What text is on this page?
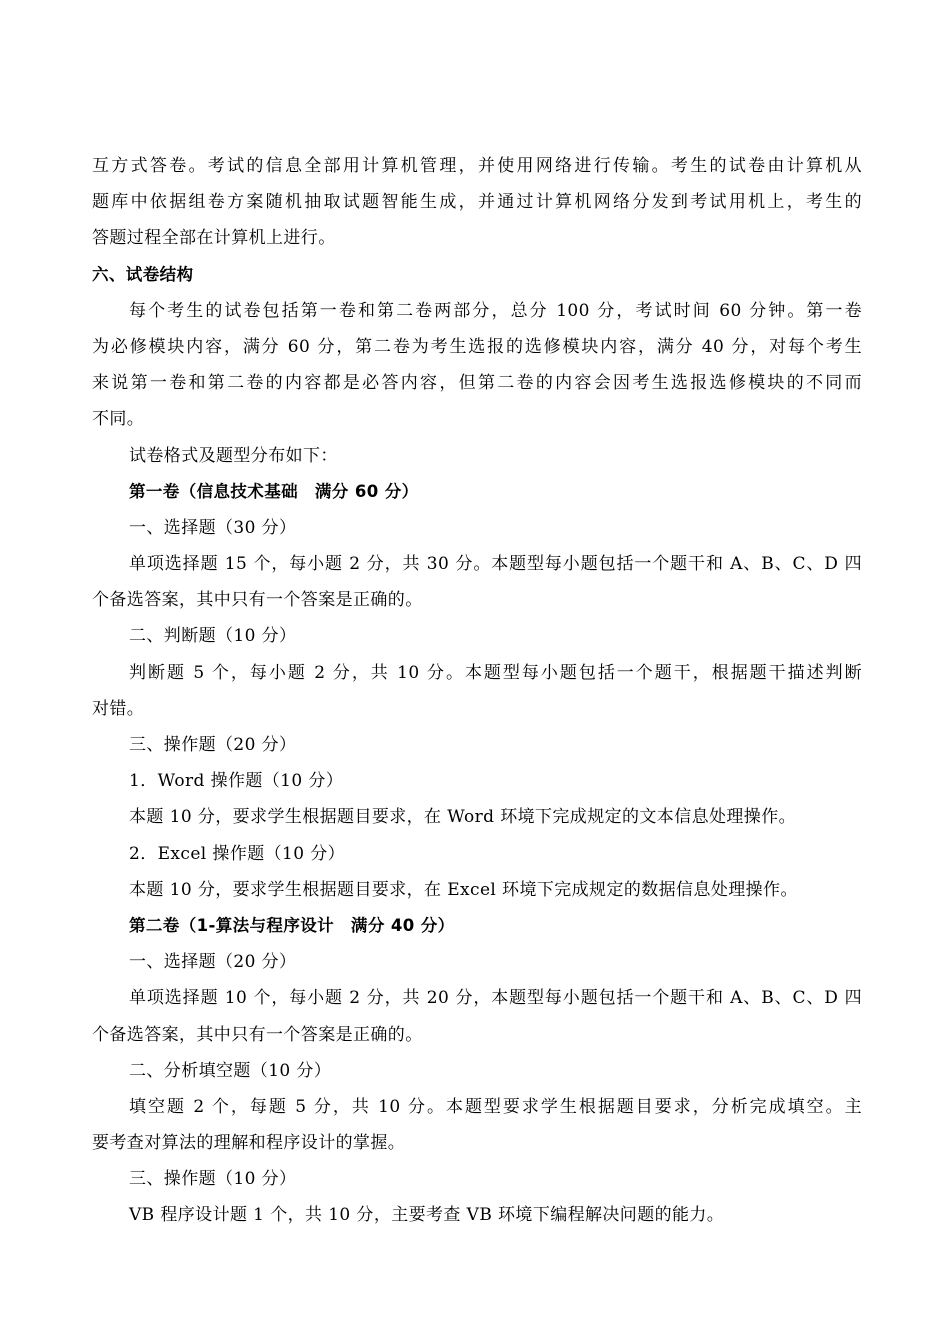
互方式答卷。考试的信息全部用计算机管理，并使用网络进行传输。考生的试卷由计算机从
题库中依据组卷方案随机抽取试题智能生成，并通过计算机网络分发到考试用机上，考生的
答题过程全部在计算机上进行。
六、试卷结构
每个考生的试卷包括第一卷和第二卷两部分，总分 100 分，考试时间 60 分钟。第一卷
为必修模块内容，满分 60 分，第二卷为考生选报的选修模块内容，满分 40 分，对每个考生
来说第一卷和第二卷的内容都是必答内容，但第二卷的内容会因考生选报选修模块的不同而
不同。
试卷格式及题型分布如下：
第一卷（信息技术基础　满分 60 分）
一、选择题（30 分）
单项选择题 15 个，每小题 2 分，共 30 分。本题型每小题包括一个题干和 A、B、C、D 四
个备选答案，其中只有一个答案是正确的。
二、判断题（10 分）
判断题 5 个，每小题 2 分，共 10 分。本题型每小题包括一个题干，根据题干描述判断
对错。
三、操作题（20 分）
1．Word 操作题（10 分）
本题 10 分，要求学生根据题目要求，在 Word 环境下完成规定的文本信息处理操作。
2．Excel 操作题（10 分）
本题 10 分，要求学生根据题目要求，在 Excel 环境下完成规定的数据信息处理操作。
第二卷（1-算法与程序设计　满分 40 分）
一、选择题（20 分）
单项选择题 10 个，每小题 2 分，共 20 分，本题型每小题包括一个题干和 A、B、C、D 四
个备选答案，其中只有一个答案是正确的。
二、分析填空题（10 分）
填空题 2 个，每题 5 分，共 10 分。本题型要求学生根据题目要求，分析完成填空。主
要考查对算法的理解和程序设计的掌握。
三、操作题（10 分）
VB 程序设计题 1 个，共 10 分，主要考查 VB 环境下编程解决问题的能力。
